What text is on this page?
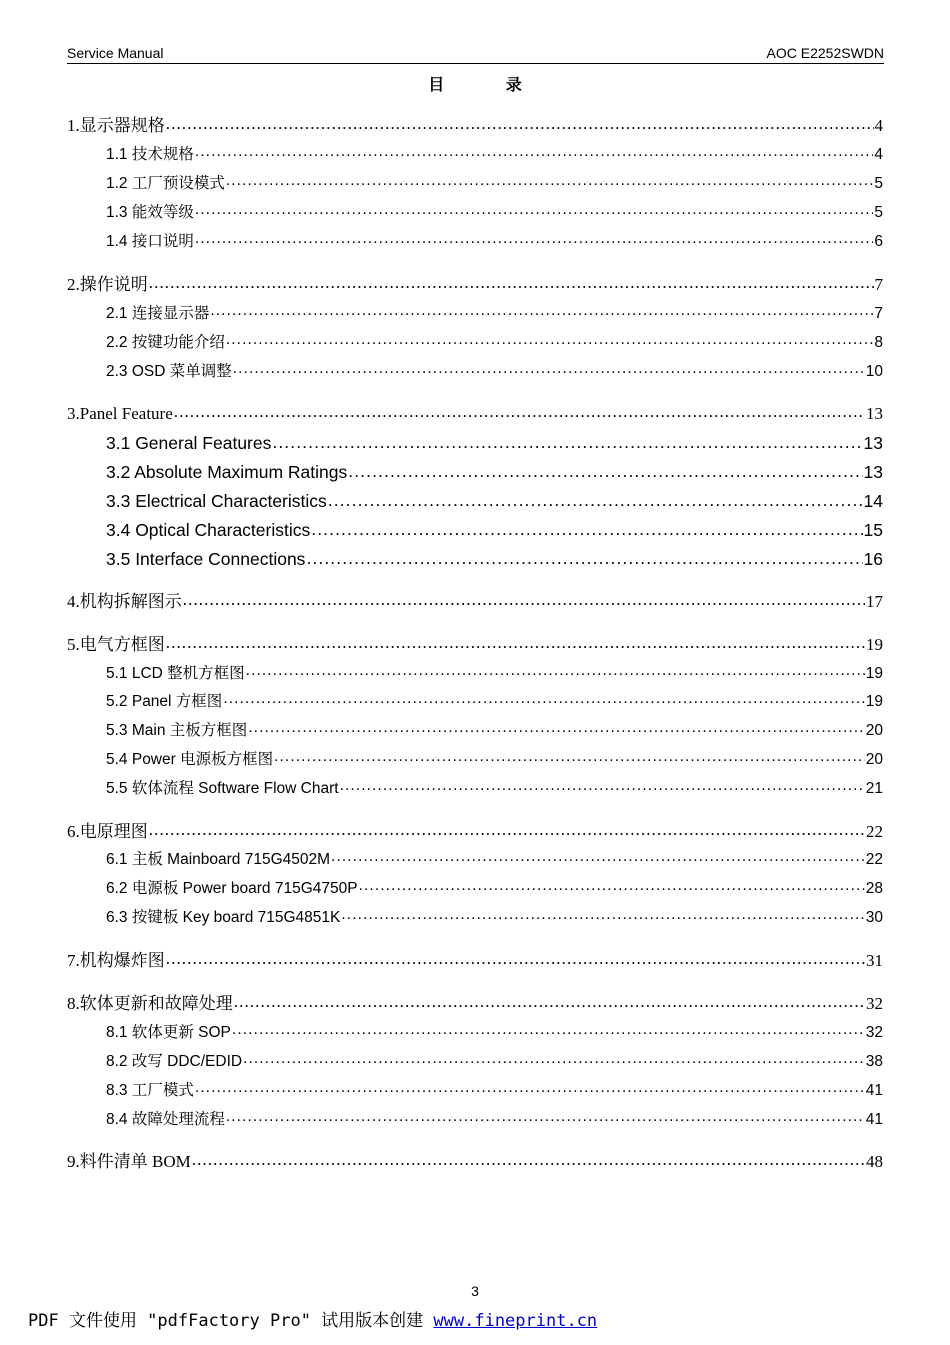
Service Manual	AOC E2252SWDN
目 录
1.显示器规格 .....	4
1.1 技术规格 .....	4
1.2 工厂预设模式 .....	5
1.3 能效等级 .....	5
1.4 接口说明 .....	6
2.操作说明 .....	7
2.1 连接显示器 .....	7
2.2 按键功能介绍 .....	8
2.3 OSD 菜单调整 .....	10
3.Panel Feature .....	13
3.1 General Features .....	13
3.2 Absolute Maximum Ratings .....	13
3.3 Electrical Characteristics .....	14
3.4 Optical Characteristics .....	15
3.5 Interface Connections .....	16
4.机构拆解图示 .....	17
5.电气方框图 .....	19
5.1 LCD 整机方框图 .....	19
5.2 Panel 方框图 .....	19
5.3 Main 主板方框图 .....	20
5.4 Power 电源板方框图 .....	20
5.5 软体流程 Software Flow Chart .....	21
6.电原理图 .....	22
6.1 主板 Mainboard 715G4502M .....	22
6.2 电源板 Power board 715G4750P .....	28
6.3 按键板 Key board 715G4851K .....	30
7.机构爆炸图 .....	31
8.软体更新和故障处理 .....	32
8.1 软体更新 SOP .....	32
8.2 改写 DDC/EDID .....	38
8.3 工厂模式 .....	41
8.4 故障处理流程 .....	41
9.料件清单 BOM .....	48
3
PDF 文件使用 "pdfFactory Pro" 试用版本创建 www.fineprint.cn
